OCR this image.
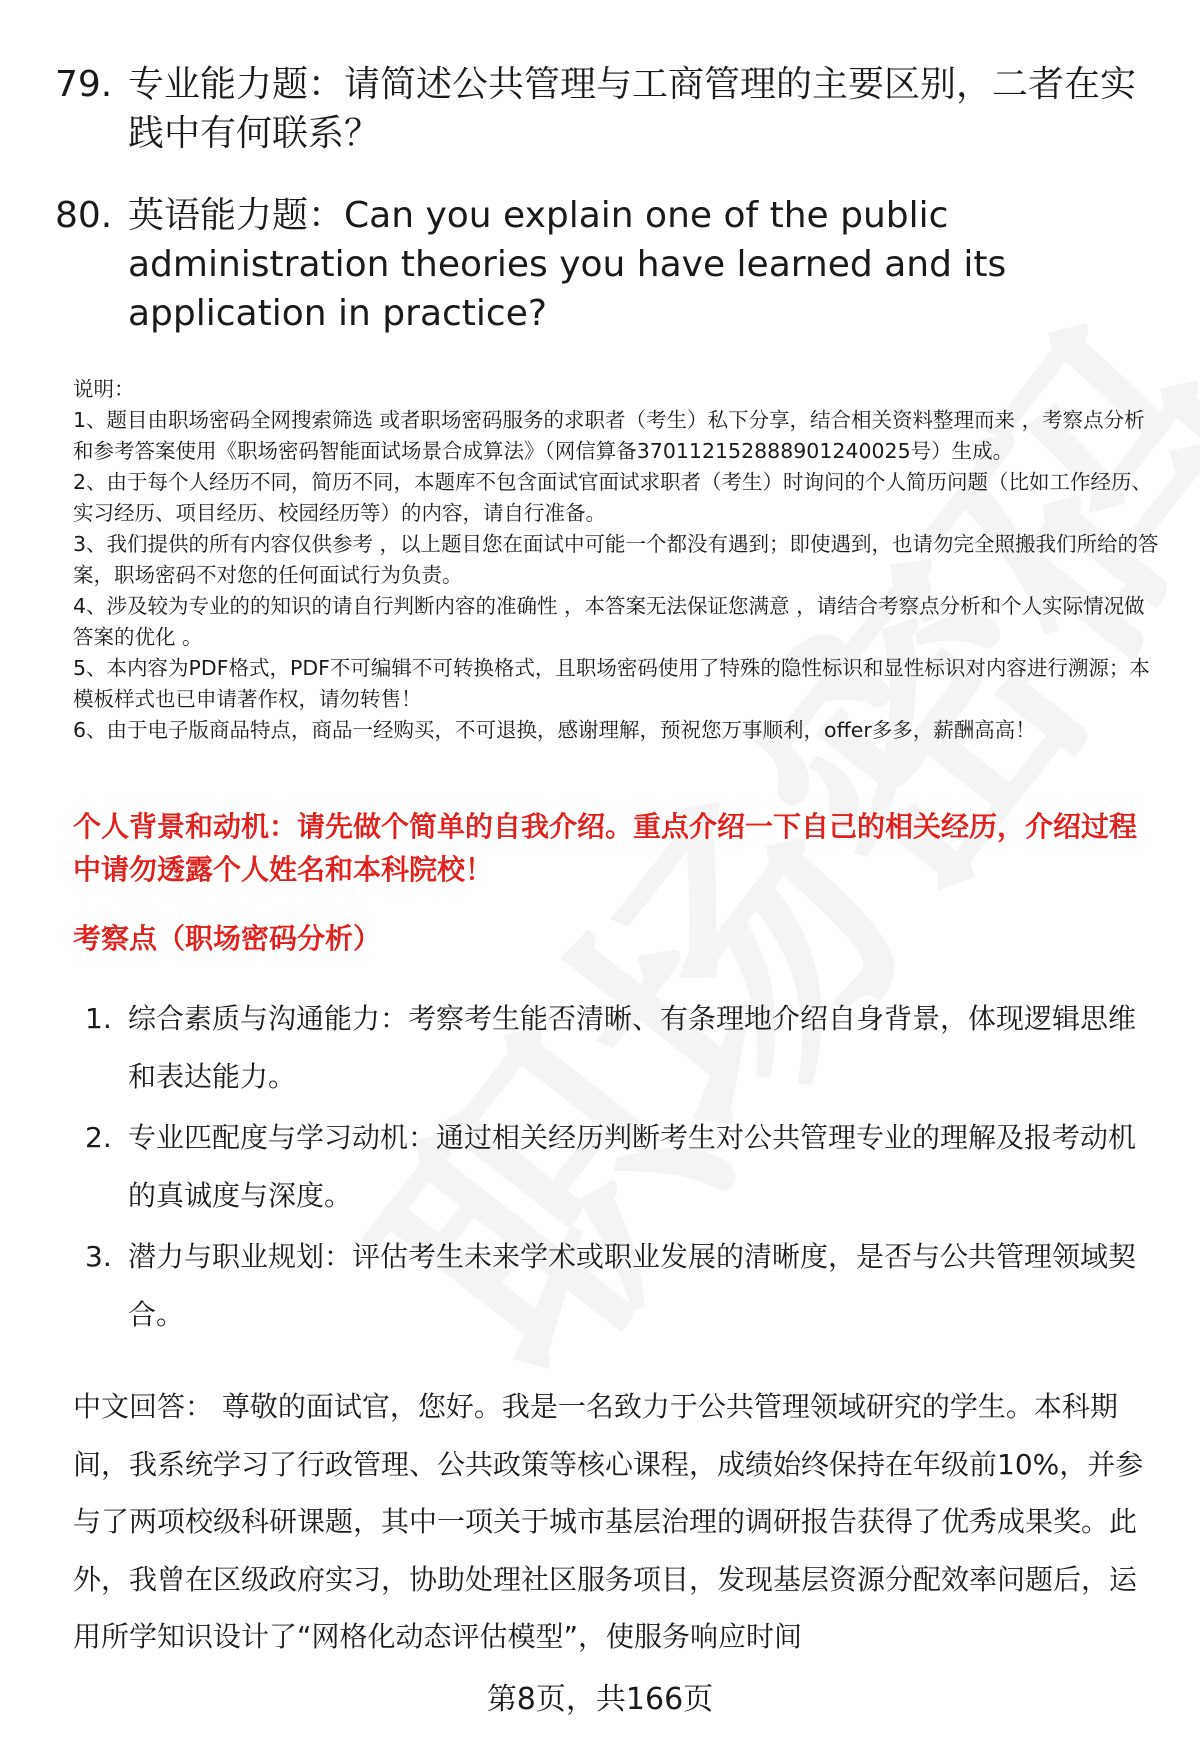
79. 专业能力题：请简述公共管理与工商管理的主要区别，二者在实践中有何联系？
80. 英语能力题：Can you explain one of the public administration theories you have learned and its application in practice?

说明：

1、题目由职场密码全网搜索筛选 或者职场密码服务的求职者（考生）私下分享，结合相关资料整理而来 ，考察点分析和参考答案使用《职场密码智能面试场景合成算法》（网信算备370112152888901240025号）生成。

2、由于每个人经历不同，简历不同，本题库不包含面试官面试求职者（考生）时询问的个人简历问题（比如工作经历、实习经历、项目经历、校园经历等）的内容，请自行准备。

3、我们提供的所有内容仅供参考 ，以上题目您在面试中可能一个都没有遇到；即使遇到，也请勿完全照搬我们所给的答案，职场密码不对您的任何面试行为负责。

4、涉及较为专业的的知识的请自行判断内容的准确性 ，本答案无法保证您满意 ，请结合考察点分析和个人实际情况做答案的优化 。

5、本内容为PDF格式，PDF不可编辑不可转换格式，且职场密码使用了特殊的隐性标识和显性标识对内容进行溯源；本模板样式也已申请著作权，请勿转售！

6、由于电子版商品特点，商品一经购买，不可退换，感谢理解，预祝您万事顺利，offer多多，薪酬高高！

个人背景和动机：请先做个简单的自我介绍。重点介绍一下自己的相关经历，介绍过程中请勿透露个人姓名和本科院校！
考察点（职场密码分析）
1. 综合素质与沟通能力：考察考生能否清晰、有条理地介绍自身背景，体现逻辑思维和表达能力。
2. 专业匹配度与学习动机：通过相关经历判断考生对公共管理专业的理解及报考动机的真诚度与深度。
3. 潜力与职业规划：评估考生未来学术或职业发展的清晰度，是否与公共管理领域契合。
中文回答： 尊敬的面试官，您好。我是一名致力于公共管理领域研究的学生。本科期间，我系统学习了行政管理、公共政策等核心课程，成绩始终保持在年级前10%，并参与了两项校级科研课题，其中一项关于城市基层治理的调研报告获得了优秀成果奖。此外，我曾在区级政府实习，协助处理社区服务项目，发现基层资源分配效率问题后，运用所学知识设计了“网格化动态评估模型”，使服务响应时间
第8页，共166页
